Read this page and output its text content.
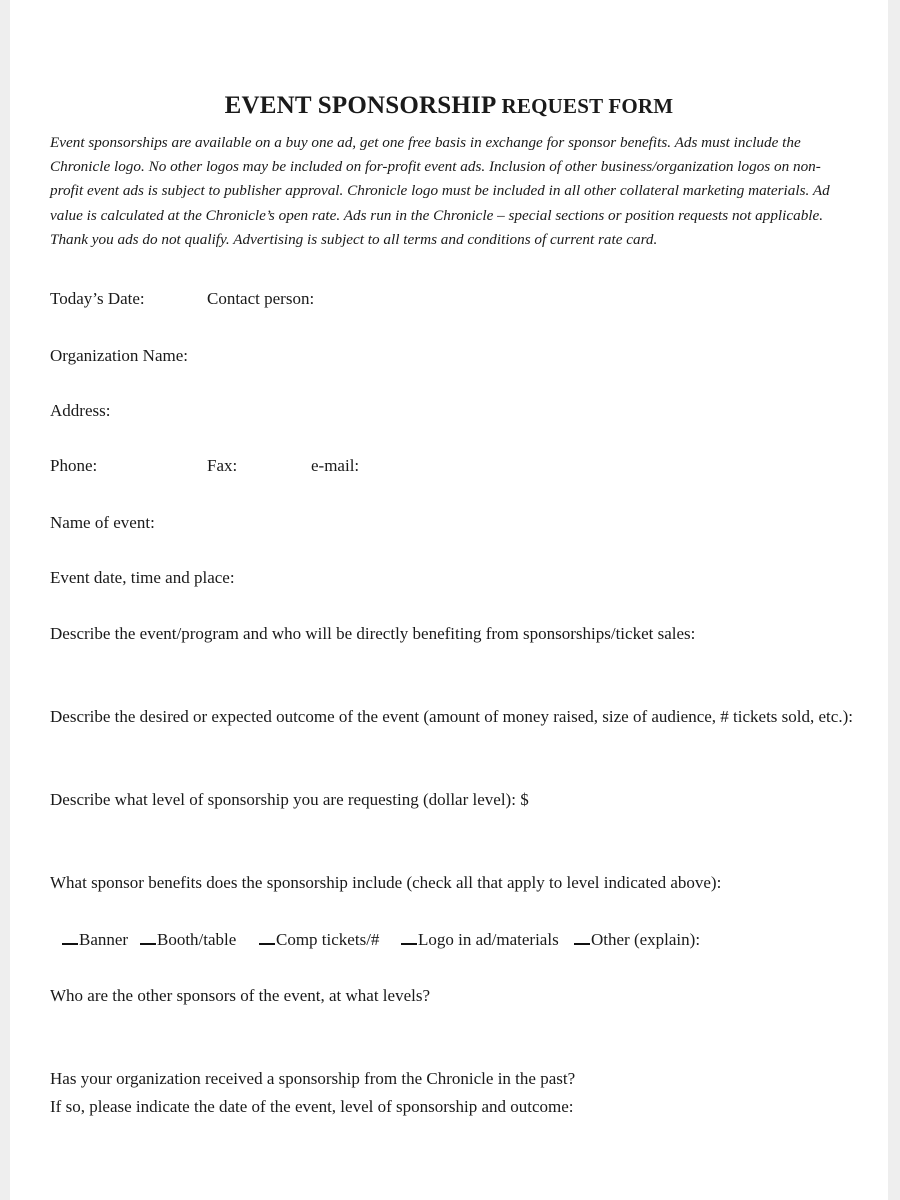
EVENT SPONSORSHIP REQUEST FORM
Event sponsorships are available on a buy one ad, get one free basis in exchange for sponsor benefits. Ads must include the Chronicle logo. No other logos may be included on for-profit event ads. Inclusion of other business/organization logos on non-profit event ads is subject to publisher approval. Chronicle logo must be included in all other collateral marketing materials. Ad value is calculated at the Chronicle’s open rate. Ads run in the Chronicle – special sections or position requests not applicable. Thank you ads do not qualify. Advertising is subject to all terms and conditions of current rate card.
Today’s Date:	Contact person:
Organization Name:
Address:
Phone:	Fax:	e-mail:
Name of event:
Event date, time and place:
Describe the event/program and who will be directly benefiting from sponsorships/ticket sales:
Describe the desired or expected outcome of the event (amount of money raised, size of audience, # tickets sold, etc.):
Describe what level of sponsorship you are requesting (dollar level): $
What sponsor benefits does the sponsorship include (check all that apply to level indicated above):
Banner	Booth/table	Comp tickets/#	Logo in ad/materials	Other (explain):
Who are the other sponsors of the event, at what levels?
Has your organization received a sponsorship from the Chronicle in the past?
If so, please indicate the date of the event, level of sponsorship and outcome:
